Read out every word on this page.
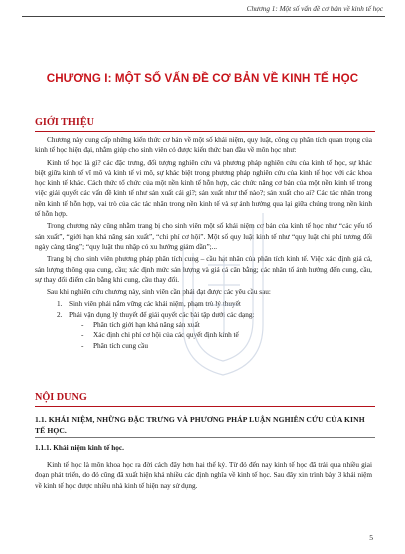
Chương 1: Một số vấn đề cơ bản về kinh tế học
CHƯƠNG I: MỘT SỐ VẤN ĐỀ CƠ BẢN VỀ KINH TẾ HỌC
GIỚI THIỆU

Chương này cung cấp những kiến thức cơ bản về một số khái niệm, quy luật, công cụ phân tích quan trọng của kinh tế học hiện đại, nhằm giúp cho sinh viên có được kiến thức ban đầu về môn học như:

Kinh tế học là gì? các đặc trưng, đối tượng nghiên cứu và phương pháp nghiên cứu của kinh tế học, sự khác biệt giữa kinh tế vĩ mô và kinh tế vi mô, sự khác biệt trong phương pháp nghiên cứu của kinh tế học với các khoa học kinh tế khác. Cách thức tổ chức của một nền kinh tế hỗn hợp, các chức năng cơ bản của một nền kinh tế trong việc giải quyết các vấn đề kinh tế như sản xuất cái gì?; sản xuất như thế nào?; sản xuất cho ai? Các tác nhân trong nền kinh tế hỗn hợp, vai trò của các tác nhân trong nền kinh tế và sự ảnh hưởng qua lại giữa chúng trong nền kinh tế hỗn hợp.

Trong chương này cũng nhằm trang bị cho sinh viên một số khái niệm cơ bản của kinh tế học như “các yếu tố sản xuất”, “giới hạn khả năng sản xuất”, “chi phí cơ hội”. Một số quy luật kinh tế như “quy luật chi phí tương đối ngày càng tăng”; “quy luật thu nhập có xu hướng giảm dần”;...

Trang bị cho sinh viên phương pháp phân tích cung – cầu hạt nhân của phân tích kinh tế. Việc xác định giá cả, sản lượng thông qua cung, cầu; xác định mức sản lượng và giá cả cân bằng; các nhân tố ảnh hưởng đến cung, cầu, sự thay đổi điểm cân bằng khi cung, cầu thay đổi.

Sau khi nghiên cứu chương này, sinh viên cần phải đạt được các yêu cầu sau:

1. Sinh viên phải nắm vững các khái niệm, phạm trù lý thuyết
2. Phải vận dụng lý thuyết để giải quyết các bài tập dưới các dạng:
- Phân tích giới hạn khả năng sản xuất
- Xác định chi phí cơ hội của các quyết định kinh tế
- Phân tích cung cầu
NỘI DUNG
1.1. KHÁI NIỆM, NHỮNG ĐẶC TRƯNG VÀ PHƯƠNG PHÁP LUẬN NGHIÊN CỨU CỦA KINH TẾ HỌC.
1.1.1. Khái niệm kinh tế học.

Kinh tế học là môn khoa học ra đời cách đây hơn hai thế kỷ. Từ đó đến nay kinh tế học đã trải qua nhiều giai đoạn phát triển, do đó cũng đã xuất hiện khá nhiều các định nghĩa về kinh tế học. Sau đây xin trình bày 3 khái niệm về kinh tế học được nhiều nhà kinh tế hiện nay sử dụng.

5
